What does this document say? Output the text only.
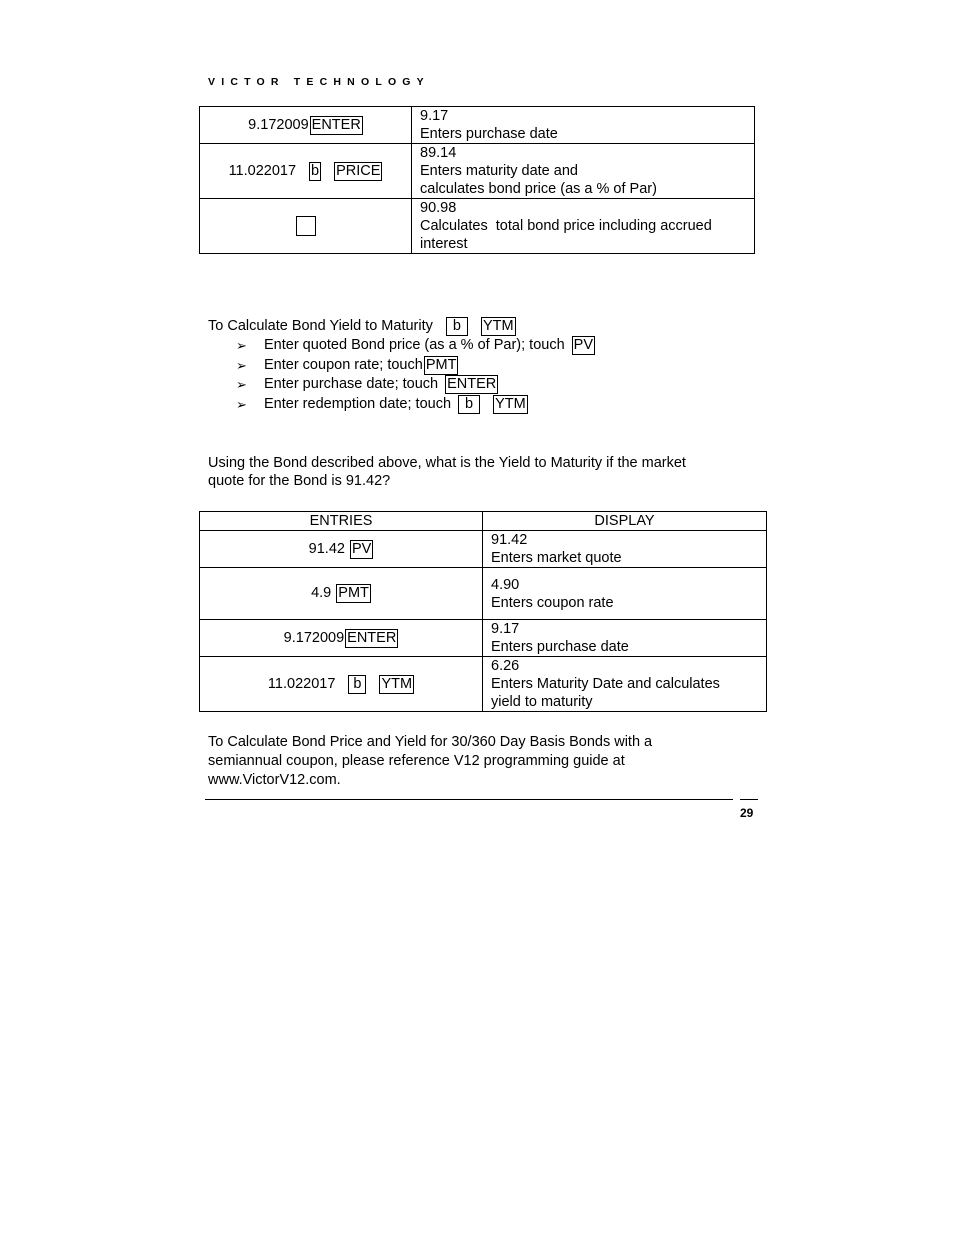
VICTOR TECHNOLOGY
9.172009 ENTER	9.17
Enters purchase date

11.022017 b PRICE	89.14
Enters maturity date and
calculates bond price (as a % of Par)

	90.98
Calculates  total bond price including accrued
interest
To Calculate Bond Yield to Maturity b YTM
➢ Enter quoted Bond price (as a % of Par); touch PV
➢ Enter coupon rate; touch PMT
➢ Enter purchase date; touch ENTER
➢ Enter redemption date; touch b YTM
Using the Bond described above, what is the Yield to Maturity if the market
quote for the Bond is 91.42?
ENTRIES	DISPLAY
91.42 PV	91.42
Enters market quote

4.9 PMT	4.90
Enters coupon rate

9.172009 ENTER	9.17
Enters purchase date

11.022017 b YTM	6.26
Enters Maturity Date and calculates
yield to maturity
To Calculate Bond Price and Yield for 30/360 Day Basis Bonds with a
semiannual coupon, please reference V12 programming guide at
www.VictorV12.com.
29
